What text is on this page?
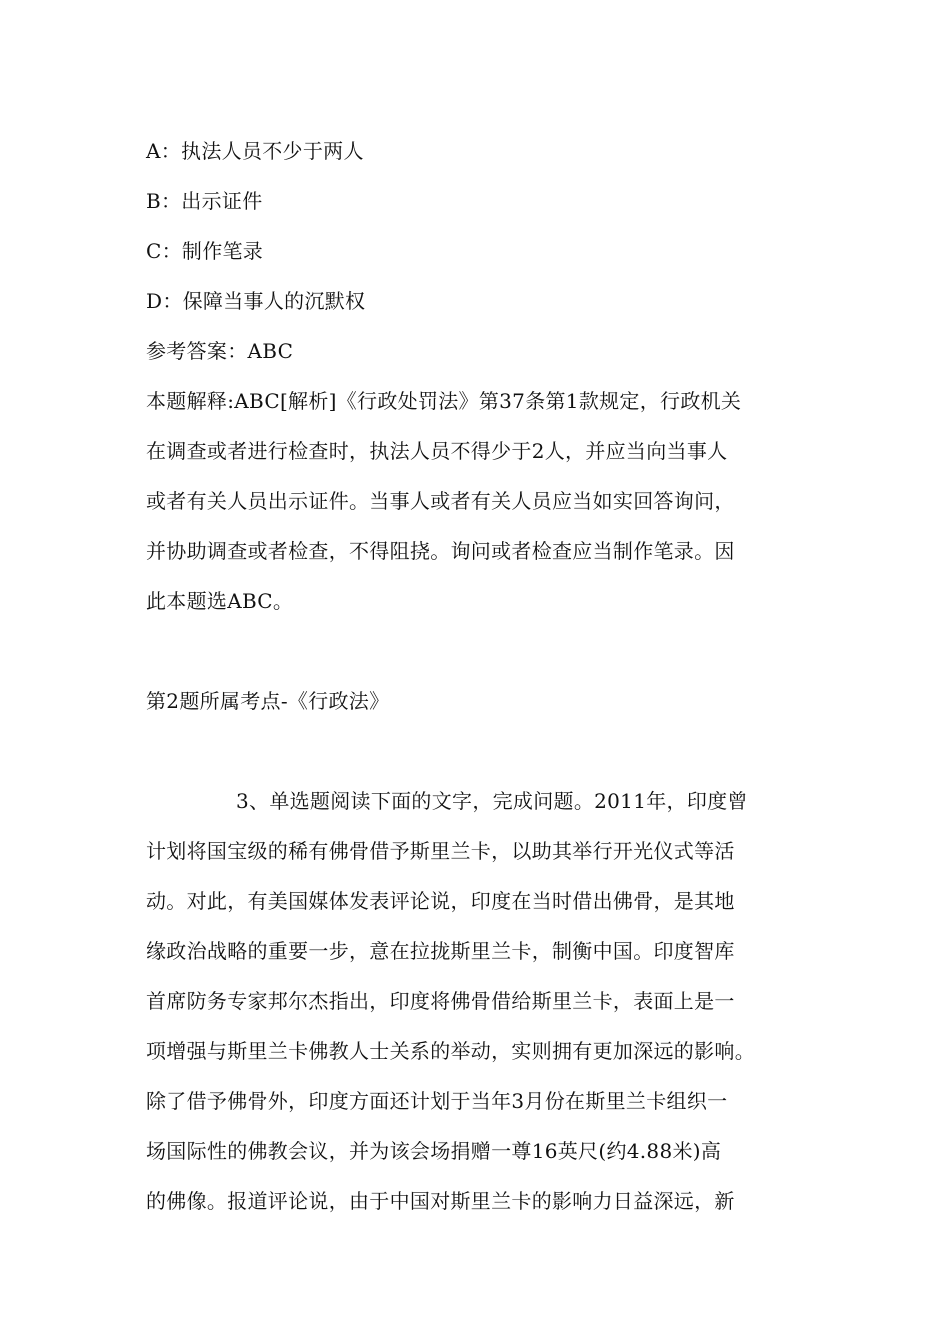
A：执法人员不少于两人
B：出示证件
C：制作笔录
D：保障当事人的沉默权
参考答案：ABC
本题解释:ABC[解析]《行政处罚法》第37条第1款规定，行政机关
在调查或者进行检查时，执法人员不得少于2人，并应当向当事人
或者有关人员出示证件。当事人或者有关人员应当如实回答询问，
并协助调查或者检查，不得阻挠。询问或者检查应当制作笔录。因
此本题选ABC。
第2题所属考点-《行政法》
3、单选题阅读下面的文字，完成问题。2011年，印度曾
计划将国宝级的稀有佛骨借予斯里兰卡，以助其举行开光仪式等活
动。对此，有美国媒体发表评论说，印度在当时借出佛骨，是其地
缘政治战略的重要一步，意在拉拢斯里兰卡，制衡中国。印度智库
首席防务专家邦尔杰指出，印度将佛骨借给斯里兰卡，表面上是一
项增强与斯里兰卡佛教人士关系的举动，实则拥有更加深远的影响。
除了借予佛骨外，印度方面还计划于当年3月份在斯里兰卡组织一
场国际性的佛教会议，并为该会场捐赠一尊16英尺(约4.88米)高
的佛像。报道评论说，由于中国对斯里兰卡的影响力日益深远，新
